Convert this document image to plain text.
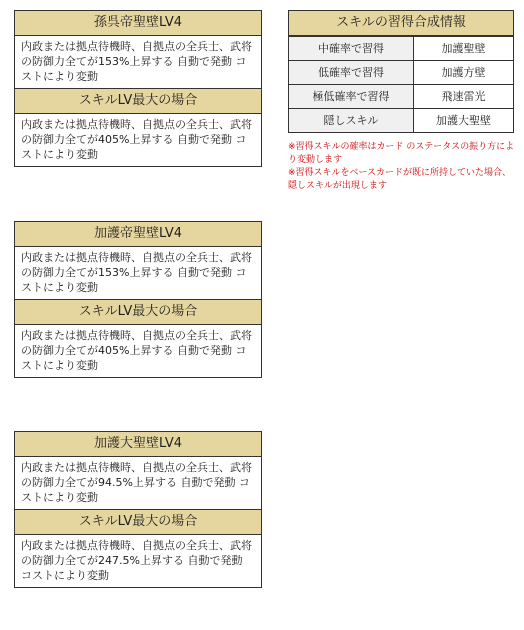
孫呉帝聖壁LV4
内政または拠点待機時、自拠点の全兵士、武将の防御力全てが153%上昇する 自動で発動 コストにより変動
スキルLV最大の場合
内政または拠点待機時、自拠点の全兵士、武将の防御力全てが405%上昇する 自動で発動 コストにより変動
加護帝聖壁LV4
内政または拠点待機時、自拠点の全兵士、武将の防御力全てが153%上昇する 自動で発動 コストにより変動
スキルLV最大の場合
内政または拠点待機時、自拠点の全兵士、武将の防御力全てが405%上昇する 自動で発動 コストにより変動
加護大聖壁LV4
内政または拠点待機時、自拠点の全兵士、武将の防御力全てが94.5%上昇する 自動で発動 コストにより変動
スキルLV最大の場合
内政または拠点待機時、自拠点の全兵士、武将の防御力全てが247.5%上昇する 自動で発動 コストにより変動
スキルの習得合成情報
中確率で習得	加護聖壁
低確率で習得	加護方壁
極低確率で習得	飛速雷光
隠しスキル	加護大聖壁
※習得スキルの確率はカード のステータスの振り方により変動します
※習得スキルをベースカードが既に所持していた場合、隠しスキルが出現します
